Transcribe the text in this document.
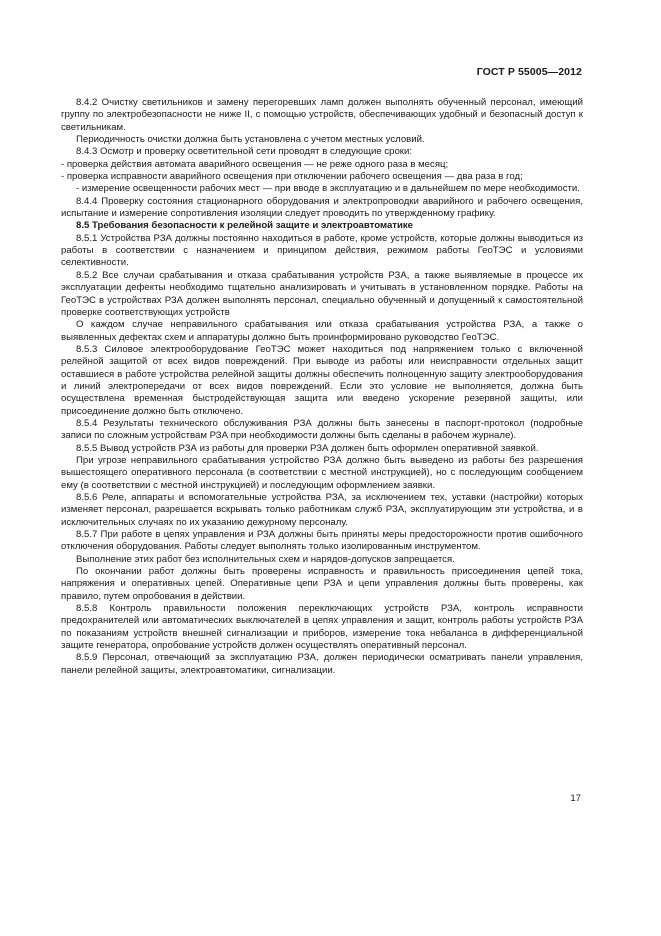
ГОСТ Р 55005—2012

8.4.2 Очистку светильников и замену перегоревших ламп должен выполнять обученный персонал, имеющий группу по электробезопасности не ниже II, с помощью устройств, обеспечивающих удобный и безопасный доступ к светильникам.

Периодичность очистки должна быть установлена с учетом местных условий.

8.4.3 Осмотр и проверку осветительной сети проводят в следующие сроки:

- проверка действия автомата аварийного освещения — не реже одного раза в месяц;

- проверка исправности аварийного освещения при отключении рабочего освещения — два раза в год;

- измерение освещенности рабочих мест — при вводе в эксплуатацию и в дальнейшем по мере необходимости.

8.4.4 Проверку состояния стационарного оборудования и электропроводки аварийного и рабочего освещения, испытание и измерение сопротивления изоляции следует проводить по утвержденному графику.

8.5 Требования безопасности к релейной защите и электроавтоматике

8.5.1 Устройства РЗА должны постоянно находиться в работе, кроме устройств, которые должны выводиться из работы в соответствии с назначением и принципом действия, режимом работы ГеоТЭС и условиями селективности.

8.5.2 Все случаи срабатывания и отказа срабатывания устройств РЗА, а также выявляемые в процессе их эксплуатации дефекты необходимо тщательно анализировать и учитывать в установленном порядке. Работы на ГеоТЭС в устройствах РЗА должен выполнять персонал, специально обученный и допущенный к самостоятельной проверке соответствующих устройств

О каждом случае неправильного срабатывания или отказа срабатывания устройства РЗА, а также о выявленных дефектах схем и аппаратуры должно быть проинформировано руководство ГеоТЭС.

8.5.3 Силовое электрооборудование ГеоТЭС может находиться под напряжением только с включенной релейной защитой от всех видов повреждений. При выводе из работы или неисправности отдельных защит оставшиеся в работе устройства релейной защиты должны обеспечить полноценную защиту электрооборудования и линий электропередачи от всех видов повреждений. Если это условие не выполняется, должна быть осуществлена временная быстродействующая защита или введено ускорение резервной защиты, или присоединение должно быть отключено.

8.5.4 Результаты технического обслуживания РЗА должны быть занесены в паспорт-протокол (подробные записи по сложным устройствам РЗА при необходимости должны быть сделаны в рабочем журнале).

8.5.5 Вывод устройств РЗА из работы для проверки РЗА должен быть оформлен оперативной заявкой.

При угрозе неправильного срабатывания устройство РЗА должно быть выведено из работы без разрешения вышестоящего оперативного персонала (в соответствии с местной инструкцией), но с последующим сообщением ему (в соответствии с местной инструкцией) и последующим оформлением заявки.

8.5.6 Реле, аппараты и вспомогательные устройства РЗА, за исключением тех, уставки (настройки) которых изменяет персонал, разрешается вскрывать только работникам служб РЗА, эксплуатирующим эти устройства, и в исключительных случаях по их указанию дежурному персоналу.

8.5.7 При работе в цепях управления и РЗА должны быть приняты меры предосторожности против ошибочного отключения оборудования. Работы следует выполнять только изолированным инструментом.

Выполнение этих работ без исполнительных схем и нарядов-допусков запрещается.

По окончании работ должны быть проверены исправность и правильность присоединения цепей тока, напряжения и оперативных цепей. Оперативные цепи РЗА и цепи управления должны быть проверены, как правило, путем опробования в действии.

8.5.8 Контроль правильности положения переключающих устройств РЗА, контроль исправности предохранителей или автоматических выключателей в цепях управления и защит, контроль работы устройств РЗА по показаниям устройств внешней сигнализации и приборов, измерение тока небаланса в дифференциальной защите генератора, опробование устройств должен осуществлять оперативный персонал.

8.5.9 Персонал, отвечающий за эксплуатацию РЗА, должен периодически осматривать панели управления, панели релейной защиты, электроавтоматики, сигнализации.

17
